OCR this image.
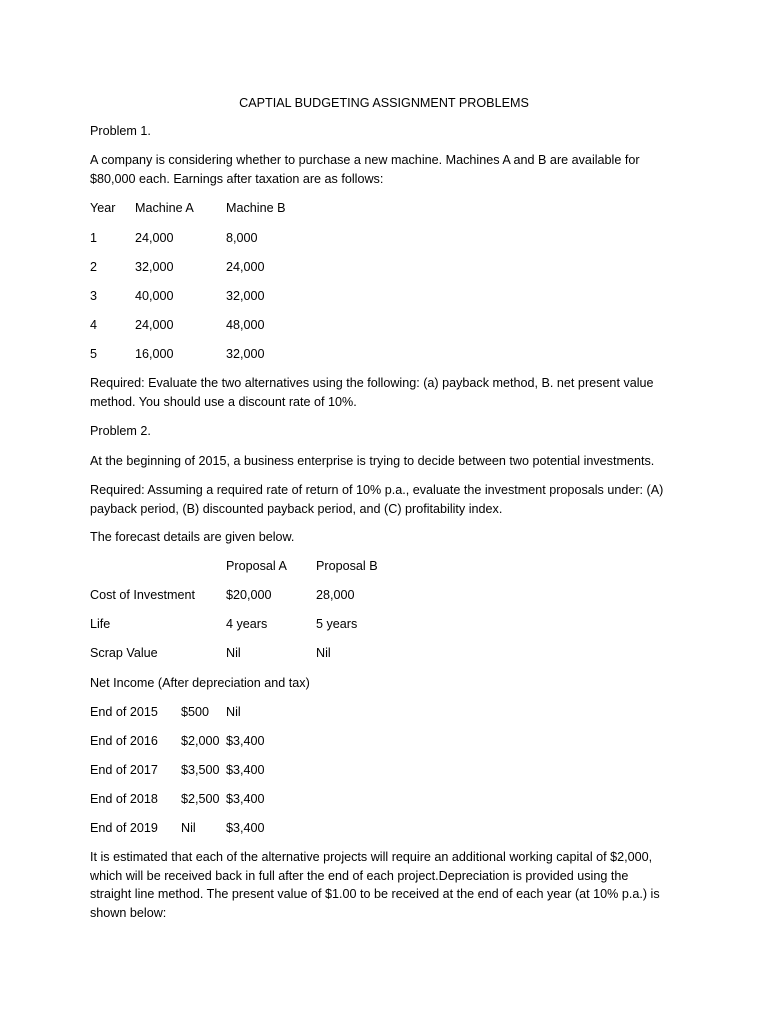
CAPTIAL BUDGETING ASSIGNMENT PROBLEMS
Problem 1.
A company is considering whether to purchase a new machine. Machines A and B are available for
$80,000 each. Earnings after taxation are as follows:
Year Machine A	Machine B
1	24,000	8,000
2	32,000	24,000
3	40,000	32,000
4	24,000	48,000
5	16,000	32,000
Required: Evaluate the two alternatives using the following: (a) payback method, B. net present value
method. You should use a discount rate of 10%.
Problem 2.
At the beginning of 2015, a business enterprise is trying to decide between two potential investments.
Required: Assuming a required rate of return of 10% p.a., evaluate the investment proposals under: (A)
payback period, (B) discounted payback period, and (C) profitability index.
The forecast details are given below.
Proposal A Proposal B
Cost of Investment $20,000	28,000
Life	4 years	5 years
Scrap Value	Nil	Nil
Net Income (After depreciation and tax)
End of 2015 $500 Nil
End of 2016 $2,000 $3,400
End of 2017 $3,500 $3,400
End of 2018 $2,500 $3,400
End of 2019 Nil $3,400
It is estimated that each of the alternative projects will require an additional working capital of $2,000,
which will be received back in full after the end of each project.Depreciation is provided using the
straight line method. The present value of $1.00 to be received at the end of each year (at 10% p.a.) is
shown below:
